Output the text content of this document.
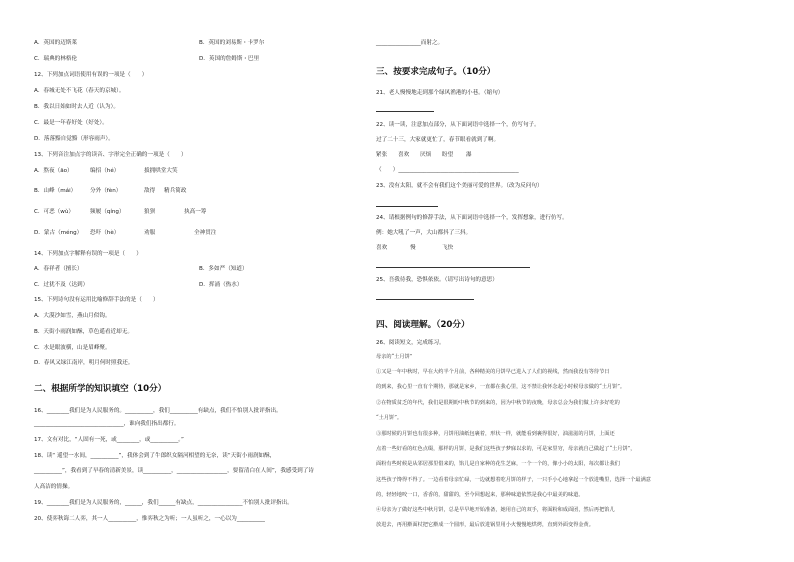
A．英国的迈斯莱	B．英国的刘易斯・卡罗尔
C．瑞典的林格伦	D．英国的詹姆斯・巴里
12、下列加点词语使用有误的一项是（　　）
A．春城无处不飞花（春天的京城）。
B．我以日始如时去人近（认为）。
C．最是一年春好处（好处）。
D．落落黯自觉黯（形容雨声）。
13、下列音注加点字的读音、字形完全正确的一项是（　　）
A．熬夜（āo）	编招（hé）	拔拥哄堂大笑
B．山峰（mái） 分外（fèn）	敌得 精兵简政
C．可恶（wù）	频履（qíng）	狼狈	执高一筹
D．蒙古（méng） 恐吓（hè）	劝服	全神贯注
14、下列加点字解释有误的一项是（　　）
A．春祥者（擅长）	B．多如严（知道）
C．过犹不及（达到）	D．挥涌（热水）
15、下列诗句没有运用比喻修辞手法的是（　　）
A．大漠沙如雪，燕山月似钩。
B．天街小雨润如酥，草色遥看近却无。
C．水是眼波横，山是眉峰聚。
D．春风又绿江南岸，明月何时照我还。
二、根据所学的知识填空（10分）
16、________我们是为人民服务的。__________，我们__________有缺点，我们不怕别人批评指出。
________________________________，谁向我们指出都行。
17、文有对比，“人固有一死，或________，或__________。”
18、读“ 遥望一水间，__________”，我体会到了牛郎织女隔河相望的无奈，读“天街小雨润如酥，
__________”，我看到了早春的清新美景，读__________，__________________，要留清白在人间”，我感受到了诗
人高洁的情操。
19、________我们是为人民服务的，______，我们______有缺点，________________不怕别人批评指出。
20、使弈秋诲二人弈，其一人__________，惟弈秋之为听；一人虽听之，一心以为__________
________________而射之。
三、按要求完成句子。（10分）
21、老人慢慢地走到那个绿风渔港的小巷。（缩句）
22、读一读，注意加点部分，从下面词语中选择一个，仿写句子。
过了二十三，大家就更忙了，春节眼看就到了啊。
紧张 喜欢 厌烦 盼望 瀑
（　　）___________________________________________
23、没有太阳，就不会有我们这个美丽可爱的世界。（改为反问句）
24、请根据例句的修辞手法，从下面词语中选择一个，发挥想象，进行仿写。
例：她大吼了一声，大山都抖了三抖。
喜欢	慢	飞快
25、吾我待我，恐惧依依。（请写出诗句的意思）
四、阅读理解。（20分）
26、阅读短文，完成练习。
母亲的“土月饼”
①又是一年中秋时，早在大约半个月前，各种精美的月饼早已进入了人们的视线，然而我没有等待节日
的到来，我心里一直有个期待，那就是家乡，一直都在我心里，这不禁让我怀念起小时候母亲做的“土月饼”。
②在物质贫乏的年代，我们是很期盼中秋节的到来的，因为中秋节的夜晚，母亲总会为我们做上许多好吃的
“土月饼”。
③那时候的月饼也有很多种，月饼用油纸包裹着，形状一样，就能看到裹得很好，油滋滋的月饼，上面还
点着一些好看的红色点缀，那样的月饼，是我们这些孩子梦寐以求的，可是家里穷，母亲就自己做起了“土月饼”，
面粉有些时候是从邻居那里借来的，馅儿是自家种的花生芝麻，一个一个的，像小小的太阳，每次都让我们
这些孩子馋得不得了。一边看着母亲忙碌，一边就想着吃月饼的样子，一只手小心地拿起一个放进嘴里，选择一个最满意
的，轻轻地咬一口，香香的，甜甜的，至今回想起来，那种味道依然是我心中最美的味道。
④母亲为了做好这些中秋月饼，总是早早地开始准备，她用自己的双手，将面粉和成面团，然后再把馅儿
放进去，再用擀面杖把它擀成一个圆形，最后放进锅里用小火慢慢地烘烤，直到外面变得金黄。
